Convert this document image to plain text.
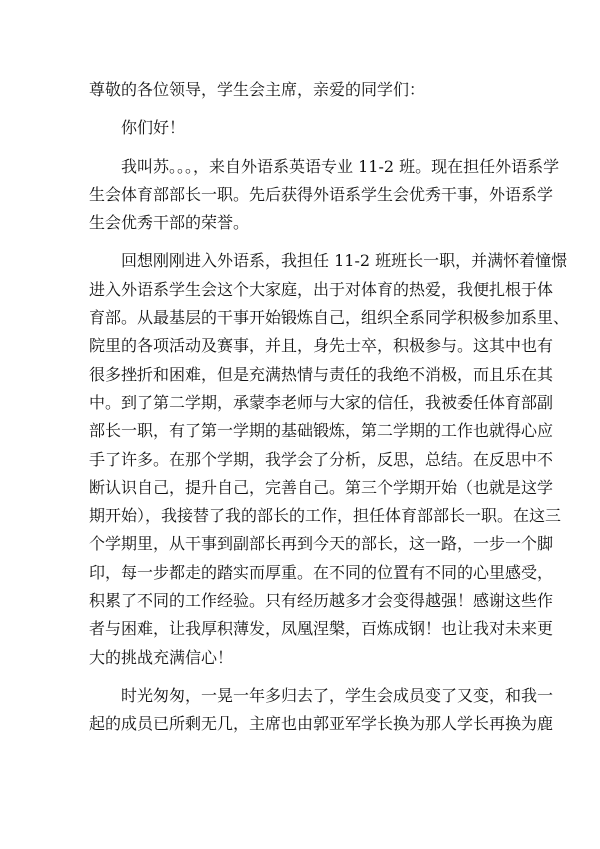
尊敬的各位领导，学生会主席，亲爱的同学们：
你们好！
我叫苏。。。，来自外语系英语专业 11-2 班。现在担任外语系学
生会体育部部长一职。先后获得外语系学生会优秀干事，外语系学
生会优秀干部的荣誉。
回想刚刚进入外语系，我担任 11-2 班班长一职，并满怀着憧憬
进入外语系学生会这个大家庭，出于对体育的热爱，我便扎根于体
育部。从最基层的干事开始锻炼自己，组织全系同学积极参加系里、
院里的各项活动及赛事，并且，身先士卒，积极参与。这其中也有
很多挫折和困难，但是充满热情与责任的我绝不消极，而且乐在其
中。到了第二学期，承蒙李老师与大家的信任，我被委任体育部副
部长一职，有了第一学期的基础锻炼，第二学期的工作也就得心应
手了许多。在那个学期，我学会了分析，反思，总结。在反思中不
断认识自己，提升自己，完善自己。第三个学期开始（也就是这学
期开始），我接替了我的部长的工作，担任体育部部长一职。在这三
个学期里，从干事到副部长再到今天的部长，这一路，一步一个脚
印，每一步都走的踏实而厚重。在不同的位置有不同的心里感受，
积累了不同的工作经验。只有经历越多才会变得越强！感谢这些作
者与困难，让我厚积薄发，凤凰涅槃，百炼成钢！也让我对未来更
大的挑战充满信心！
时光匆匆，一晃一年多归去了，学生会成员变了又变，和我一
起的成员已所剩无几，主席也由郭亚军学长换为那人学长再换为鹿
